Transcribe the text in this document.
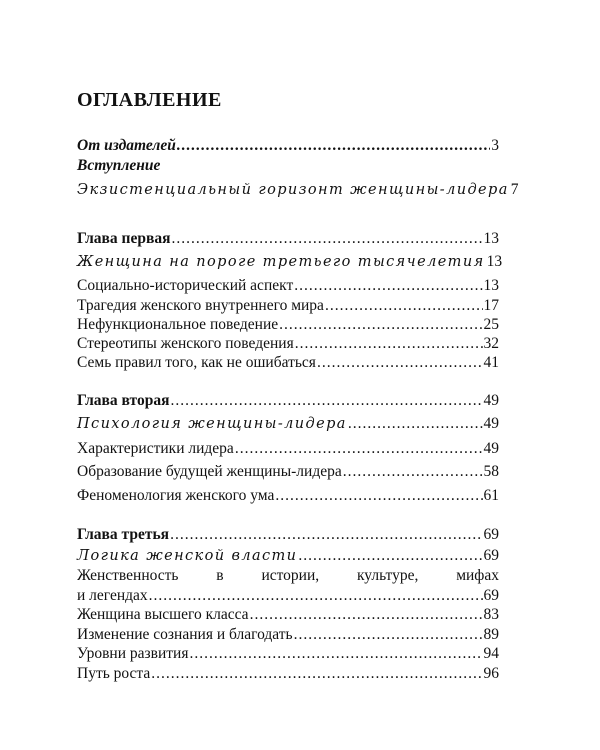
ОГЛАВЛЕНИЕ
От издателей .....	3
Вступление
Экзистенциальный горизонт женщины-лидера 7
Глава первая .....	13
Женщина на пороге третьего тысячелетия 13
Социально-исторический аспект .....	13
Трагедия женского внутреннего мира .....	17
Нефункциональное поведение .....	25
Стереотипы женского поведения .....	32
Семь правил того, как не ошибаться .....	41
Глава вторая .....	49
Психология женщины-лидера .....	49
Характеристики лидера .....	49
Образование будущей женщины-лидера .....	58
Феноменология женского ума .....	61
Глава третья .....	69
Логика женской власти .....	69
Женственность в истории, культуре, мифах
и легендах .....	69
Женщина высшего класса .....	83
Изменение сознания и благодать .....	89
Уровни развития .....	94
Путь роста .....	96
